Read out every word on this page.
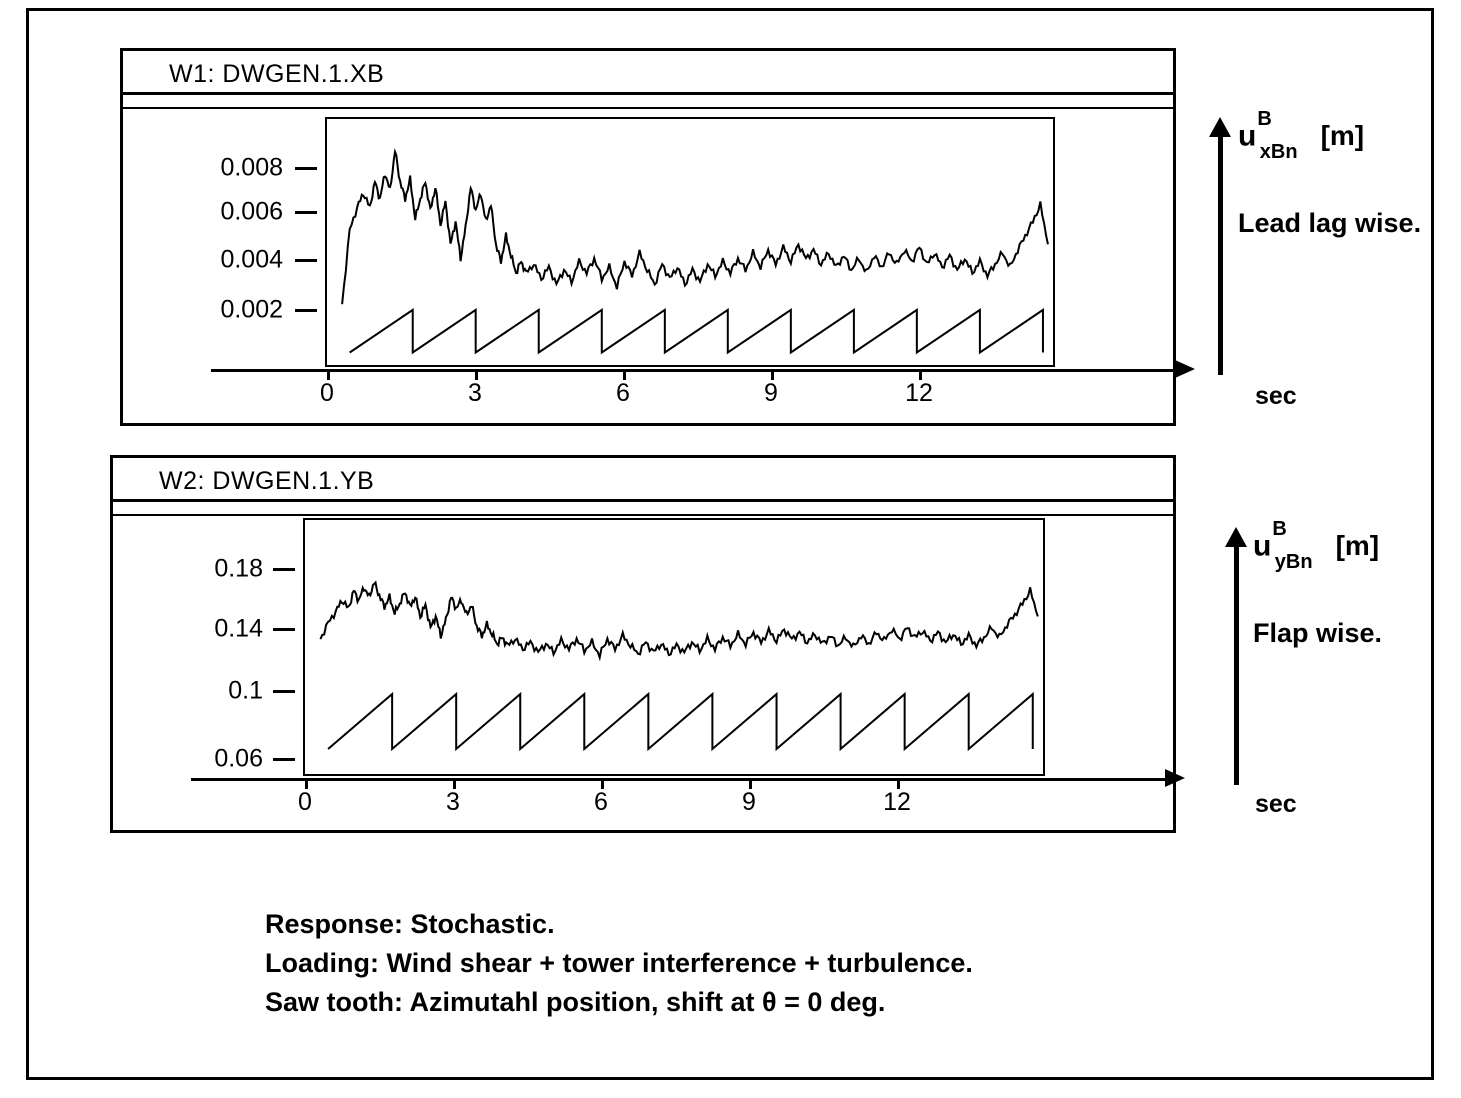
W1: DWGEN.1.XB
0.008
0.006
0.004
0.002
0	3	6	9	12	sec
$u^B_{xBn}[m]$
Lead lag wise.
W2: DWGEN.1.YB
0.18
0.14
0.1
0.06
0	3	6	9	12	sec
$u^B_{yBn}[m]$
Flap wise.
Response: Stochastic.
Loading: Wind shear + tower interference + turbulence.
Saw tooth: Azimutahl position, shift at θ = 0 deg.
